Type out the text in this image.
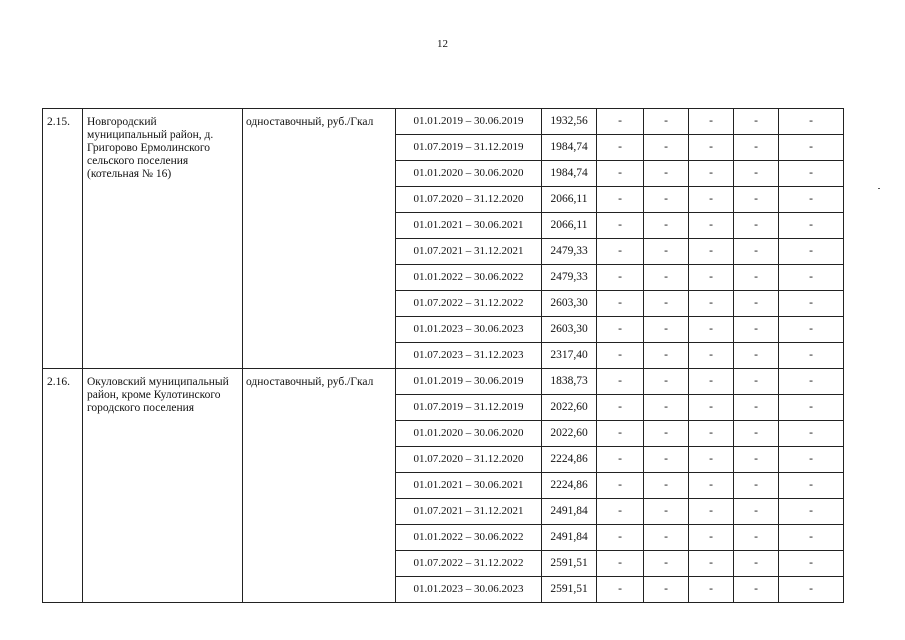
12
2.15.	Новгородский муниципальный район, д. Григорово Ермолинского сельского поселения (котельная № 16)	одноставочный, руб./Гкал	01.01.2019 – 30.06.2019	1932,56	-	-	-	-	-
			01.07.2019 – 31.12.2019	1984,74	-	-	-	-	-
			01.01.2020 – 30.06.2020	1984,74	-	-	-	-	-
			01.07.2020 – 31.12.2020	2066,11	-	-	-	-	-
			01.01.2021 – 30.06.2021	2066,11	-	-	-	-	-
			01.07.2021 – 31.12.2021	2479,33	-	-	-	-	-
			01.01.2022 – 30.06.2022	2479,33	-	-	-	-	-
			01.07.2022 – 31.12.2022	2603,30	-	-	-	-	-
			01.01.2023 – 30.06.2023	2603,30	-	-	-	-	-
			01.07.2023 – 31.12.2023	2317,40	-	-	-	-	-
2.16.	Окуловский муниципальный район, кроме Кулотинского городского поселения	одноставочный, руб./Гкал	01.01.2019 – 30.06.2019	1838,73	-	-	-	-	-
			01.07.2019 – 31.12.2019	2022,60	-	-	-	-	-
			01.01.2020 – 30.06.2020	2022,60	-	-	-	-	-
			01.07.2020 – 31.12.2020	2224,86	-	-	-	-	-
			01.01.2021 – 30.06.2021	2224,86	-	-	-	-	-
			01.07.2021 – 31.12.2021	2491,84	-	-	-	-	-
			01.01.2022 – 30.06.2022	2491,84	-	-	-	-	-
			01.07.2022 – 31.12.2022	2591,51	-	-	-	-	-
			01.01.2023 – 30.06.2023	2591,51	-	-	-	-	-
